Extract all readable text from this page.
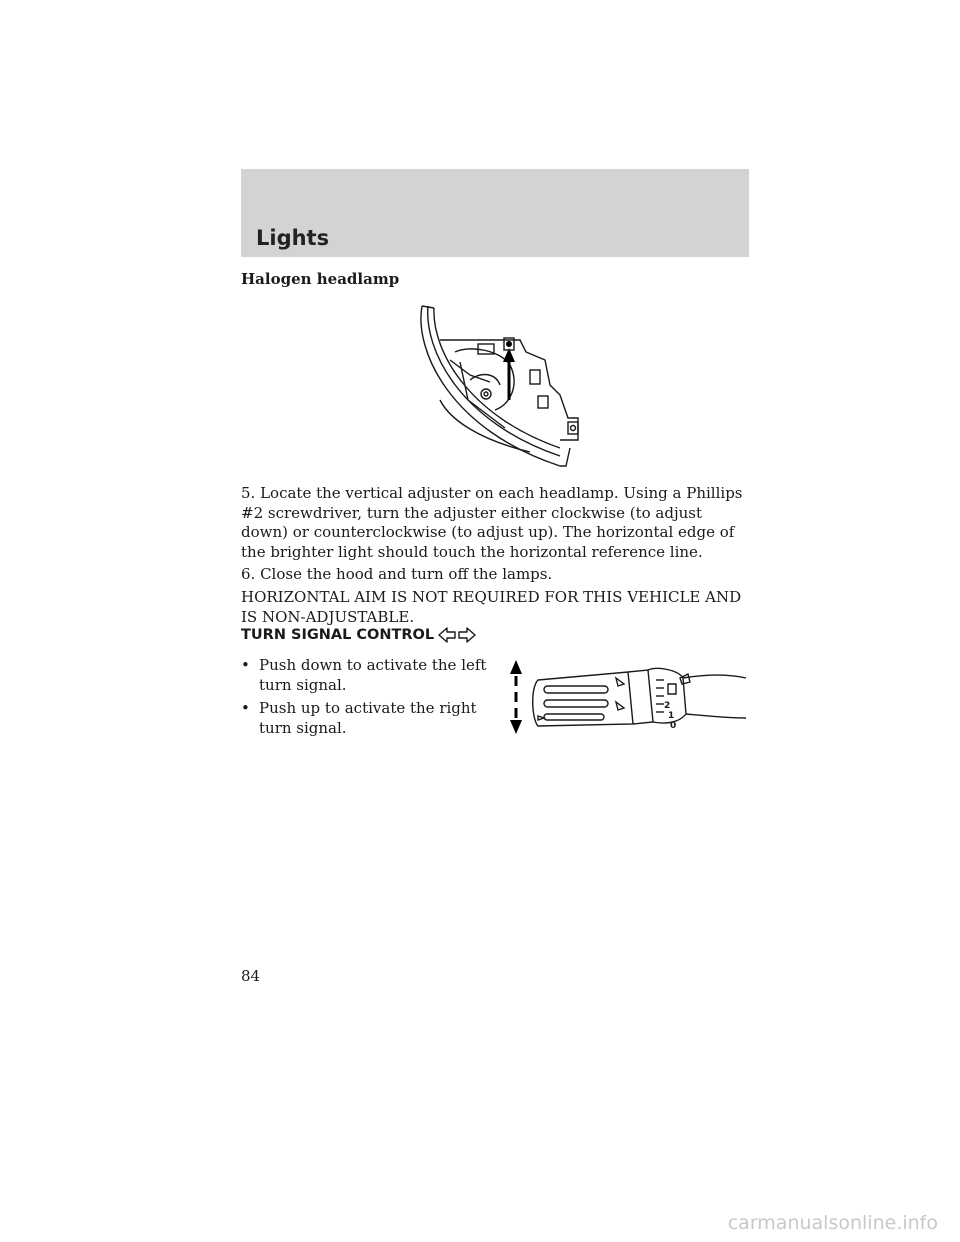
Lights
Halogen headlamp

5. Locate the vertical adjuster on each headlamp. Using a Phillips #2 screwdriver, turn the adjuster either clockwise (to adjust down) or counterclockwise (to adjust up). The horizontal edge of the brighter light should touch the horizontal reference line.

6. Close the hood and turn off the lamps.

HORIZONTAL AIM IS NOT REQUIRED FOR THIS VEHICLE AND IS NON-ADJUSTABLE.

TURN SIGNAL CONTROL
• Push down to activate the left turn signal.
• Push up to activate the right turn signal.
2
1
0
84
carmanualsonline.info
